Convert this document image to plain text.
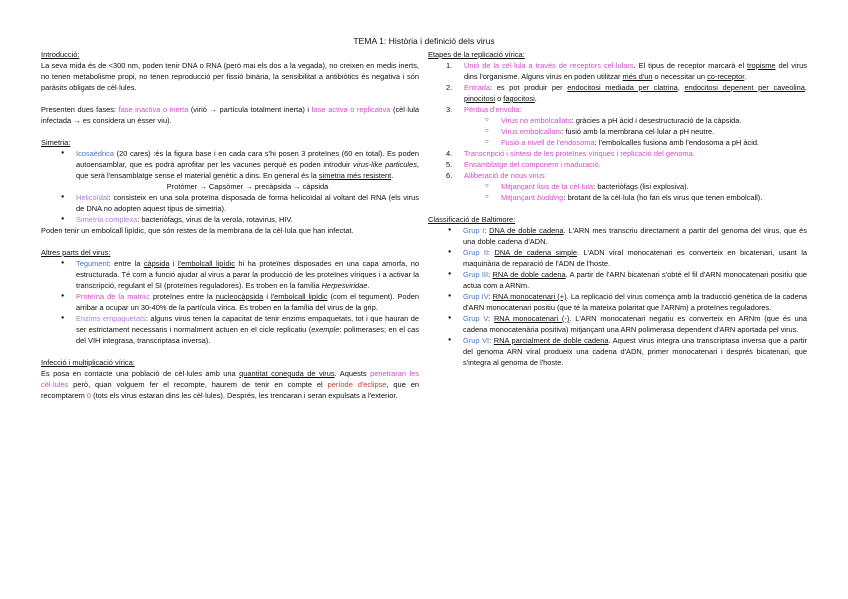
TEMA 1: Història i definició dels virus
Introducció:

La seva mida és de <300 nm, poden tenir DNA o RNA (però mai els dos a la vegada), no creixen en medis inerts, no tenen metabolisme propi, no tenen reproducció per fissió binària, la sensibilitat a antibiòtics és negativa i són paràsits obligats de cèl·lules.

Presenten dues fases: fase inactiva o inerta (virió → partícula totalment inerta) i fase activa o replicativa (cèl·lula infectada → es considera un ésser viu).

Simetria:
● Icosaèdrica (20 cares) :és la figura base i en cada cara s'hi posen 3 proteïnes (60 en total). Es poden autoensamblar, que es podrà aprofitar per les vacunes perquè es poden introduir virus-like particules, que serà l'ensamblatge sense el material genètic a dins. En general és la simetria més resistent.
Protòmer → Capsòmer → precàpsida → càpsida
● Helicoïdal: consisteix en una sola proteïna disposada de forma helicoïdal al voltant del RNA (els virus de DNA no adopten aquest tipus de simetria).
● Simetria complexa: bacteriòfags, virus de la verola, rotavirus, HIV.

Poden tenir un embolcall lipídic, que són restes de la membrana de la cèl·lula que han infectat.

Altres parts del virus:
● Tegument: entre la càpsida i l'embolcall lipídic hi ha proteïnes disposades en una capa amorfa, no estructurada. Té com a funció ajudar al virus a parar la producció de les proteïnes víriques i a activar la transcripció, regulant el SI (proteïnes reguladores). Es troben en la família Herpesviridae.
● Proteïna de la matriu: proteïnes entre la nucleocàpsida i l'embolcall lipídic (com el tegument). Poden arribar a ocupar un 30-40% de la partícula vírica. Es troben en la família del virus de la grip.
● Enzims empaquetats: alguns virus tenen la capacitat de tenir enzims empaquetats, tot i que hauran de ser estrictament necessaris i normalment actuen en el cicle replicatiu (exemple: polimerases; en el cas del VIH integrasa, transcriptasa inversa).
Infecció i multiplicació vírica:

Es posa en contacte una població de cèl·lules amb una quantitat coneguda de virus. Aquests penetraran les cèl·lules però, quan volguem fer el recompte, haurem de tenir en compte el període d'eclipse, que en recomptarem 0 (tots els virus estaran dins les cèl·lules). Després, les trencaran i seran expulsats a l'exterior.

Etapes de la replicació vírica:
1. Unió de la cèl·lula a través de receptors cel·lulars. El tipus de receptor marcarà el tropisme del virus dins l'organisme. Alguns virus en poden utilitzar més d'un o necessitar un co-receptor.

2. Entrada: es pot produir per endocitosi mediada per clatrina, endocitosi depenent per caveolina, pinocitosi o fagocitosi.

3. Pèrdua d'envolta:
○ Virus no embolcallats: gràcies a pH àcid i desestructuració de la càpsida.
○ Virus embolcallats: fusió amb la membrana cel·lular a pH neutre.
○ Fusió a nivell de l'endosoma: l'embolcalles fusiona amb l'endosoma a pH àcid.
4. Transcripció i síntesi de les proteïnes víriques i replicació del genoma.
5. Ensamblatge del component i maduració.
6. Alliberació de nous virus:
○ Mitjançant lisis de la cèl·lula: bacteriòfags (lisi explosiva).
○ Mitjançant budding: brotant de la cèl·lula (ho fan els virus que tenen embolcall).
Classificació de Baltimore:
● Grup I: DNA de doble cadena. L'ARN mes transcriu directament a partir del genoma del virus, que és una doble cadena d'ADN.
● Grup II: DNA de cadena simple. L'ADN víral monocatenari es converteix en bicatenari, usant la maquinària de reparació de l'ADN de l'hoste.
● Grup III: RNA de doble cadena. A partir de l'ARN bicatenari s'obté el fil d'ARN monocatenari positiu que actua com a ARNm.
● Grup IV: RNA monocatenari (+). La replicació del virus comença amb la traducció genètica de la cadena d'ARN monocatenari positiu (que té la mateixa polaritat que l'ARNm) a proteïnes reguladores.
● Grup V: RNA monocatenari (-). L'ARN monocatenari negatiu es converteix en ARNm (que és una cadena monocatenària positiva) mitjançant una ARN polimerasa dependent d'ARN aportada pel virus.
● Grup VI: RNA parcialment de doble cadena. Aquest virus integra una transcriptasa inversa que a partir del genoma ARN víral produeix una cadena d'ADN, primer monocatenari i després bicatenari, que s'integra al genoma de l'hoste.
